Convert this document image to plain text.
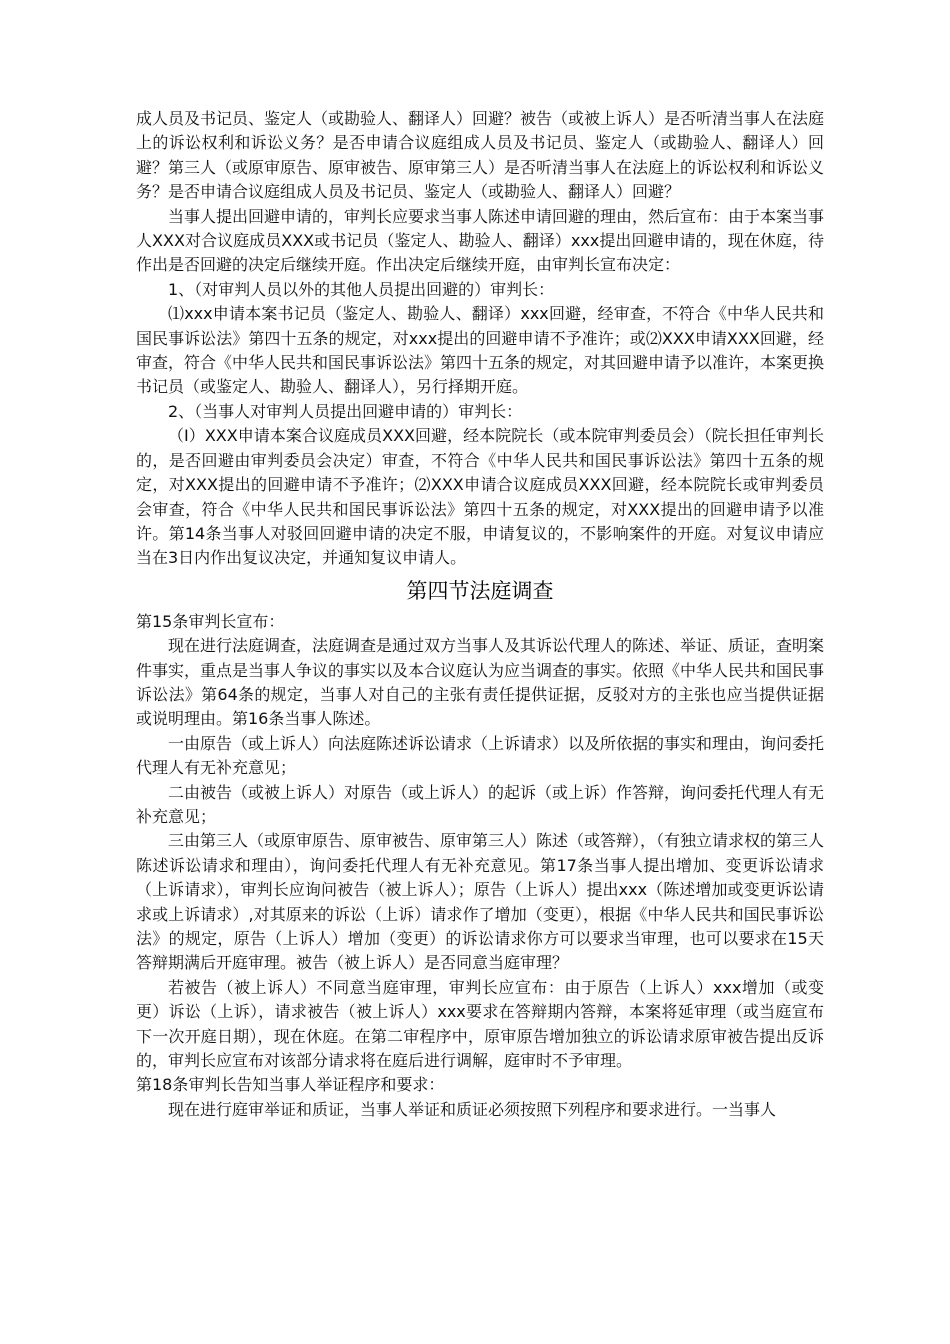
成人员及书记员、鉴定人（或勘验人、翻译人）回避？被告（或被上诉人）是否听清当事人在法庭上的诉讼权利和诉讼义务？是否申请合议庭组成人员及书记员、鉴定人（或勘验人、翻译人）回避？第三人（或原审原告、原审被告、原审第三人）是否听清当事人在法庭上的诉讼权利和诉讼义务？是否申请合议庭组成人员及书记员、鉴定人（或勘验人、翻译人）回避？

当事人提出回避申请的，审判长应要求当事人陈述申请回避的理由，然后宣布：由于本案当事人XXX对合议庭成员XXX或书记员（鉴定人、勘验人、翻译）xxx提出回避申请的，现在休庭，待作出是否回避的决定后继续开庭。作出决定后继续开庭，由审判长宣布决定：

1、（对审判人员以外的其他人员提出回避的）审判长：

⑴xxx申请本案书记员（鉴定人、勘验人、翻译）xxx回避，经审查，不符合《中华人民共和国民事诉讼法》第四十五条的规定，对xxx提出的回避申请不予准许；或⑵XXX申请XXX回避，经审查，符合《中华人民共和国民事诉讼法》第四十五条的规定，对其回避申请予以准许，本案更换书记员（或鉴定人、勘验人、翻译人），另行择期开庭。

2、（当事人对审判人员提出回避申请的）审判长：

（I）XXX申请本案合议庭成员XXX回避，经本院院长（或本院审判委员会）（院长担任审判长的，是否回避由审判委员会决定）审查，不符合《中华人民共和国民事诉讼法》第四十五条的规定，对XXX提出的回避申请不予准许；⑵XXX申请合议庭成员XXX回避，经本院院长或审判委员会审查，符合《中华人民共和国民事诉讼法》第四十五条的规定，对XXX提出的回避申请予以准许。第14条当事人对驳回回避申请的决定不服，申请复议的，不影响案件的开庭。对复议申请应当在3日内作出复议决定，并通知复议申请人。

第四节法庭调查

第15条审判长宣布：

现在进行法庭调查，法庭调查是通过双方当事人及其诉讼代理人的陈述、举证、质证，查明案件事实，重点是当事人争议的事实以及本合议庭认为应当调查的事实。依照《中华人民共和国民事诉讼法》第64条的规定，当事人对自己的主张有责任提供证据，反驳对方的主张也应当提供证据或说明理由。第16条当事人陈述。

一由原告（或上诉人）向法庭陈述诉讼请求（上诉请求）以及所依据的事实和理由，询问委托代理人有无补充意见；

二由被告（或被上诉人）对原告（或上诉人）的起诉（或上诉）作答辩，询问委托代理人有无补充意见；

三由第三人（或原审原告、原审被告、原审第三人）陈述（或答辩），（有独立请求权的第三人陈述诉讼请求和理由），询问委托代理人有无补充意见。第17条当事人提出增加、变更诉讼请求（上诉请求），审判长应询问被告（被上诉人）；原告（上诉人）提出xxx（陈述增加或变更诉讼请求或上诉请求）,对其原来的诉讼（上诉）请求作了增加（变更），根据《中华人民共和国民事诉讼法》的规定，原告（上诉人）增加（变更）的诉讼请求你方可以要求当审理，也可以要求在15天答辩期满后开庭审理。被告（被上诉人）是否同意当庭审理？

若被告（被上诉人）不同意当庭审理，审判长应宣布：由于原告（上诉人）xxx增加（或变更）诉讼（上诉），请求被告（被上诉人）xxx要求在答辩期内答辩，本案将延审理（或当庭宣布下一次开庭日期），现在休庭。在第二审程序中，原审原告增加独立的诉讼请求原审被告提出反诉的，审判长应宣布对该部分请求将在庭后进行调解，庭审时不予审理。

第18条审判长告知当事人举证程序和要求：

现在进行庭审举证和质证，当事人举证和质证必须按照下列程序和要求进行。一当事人
